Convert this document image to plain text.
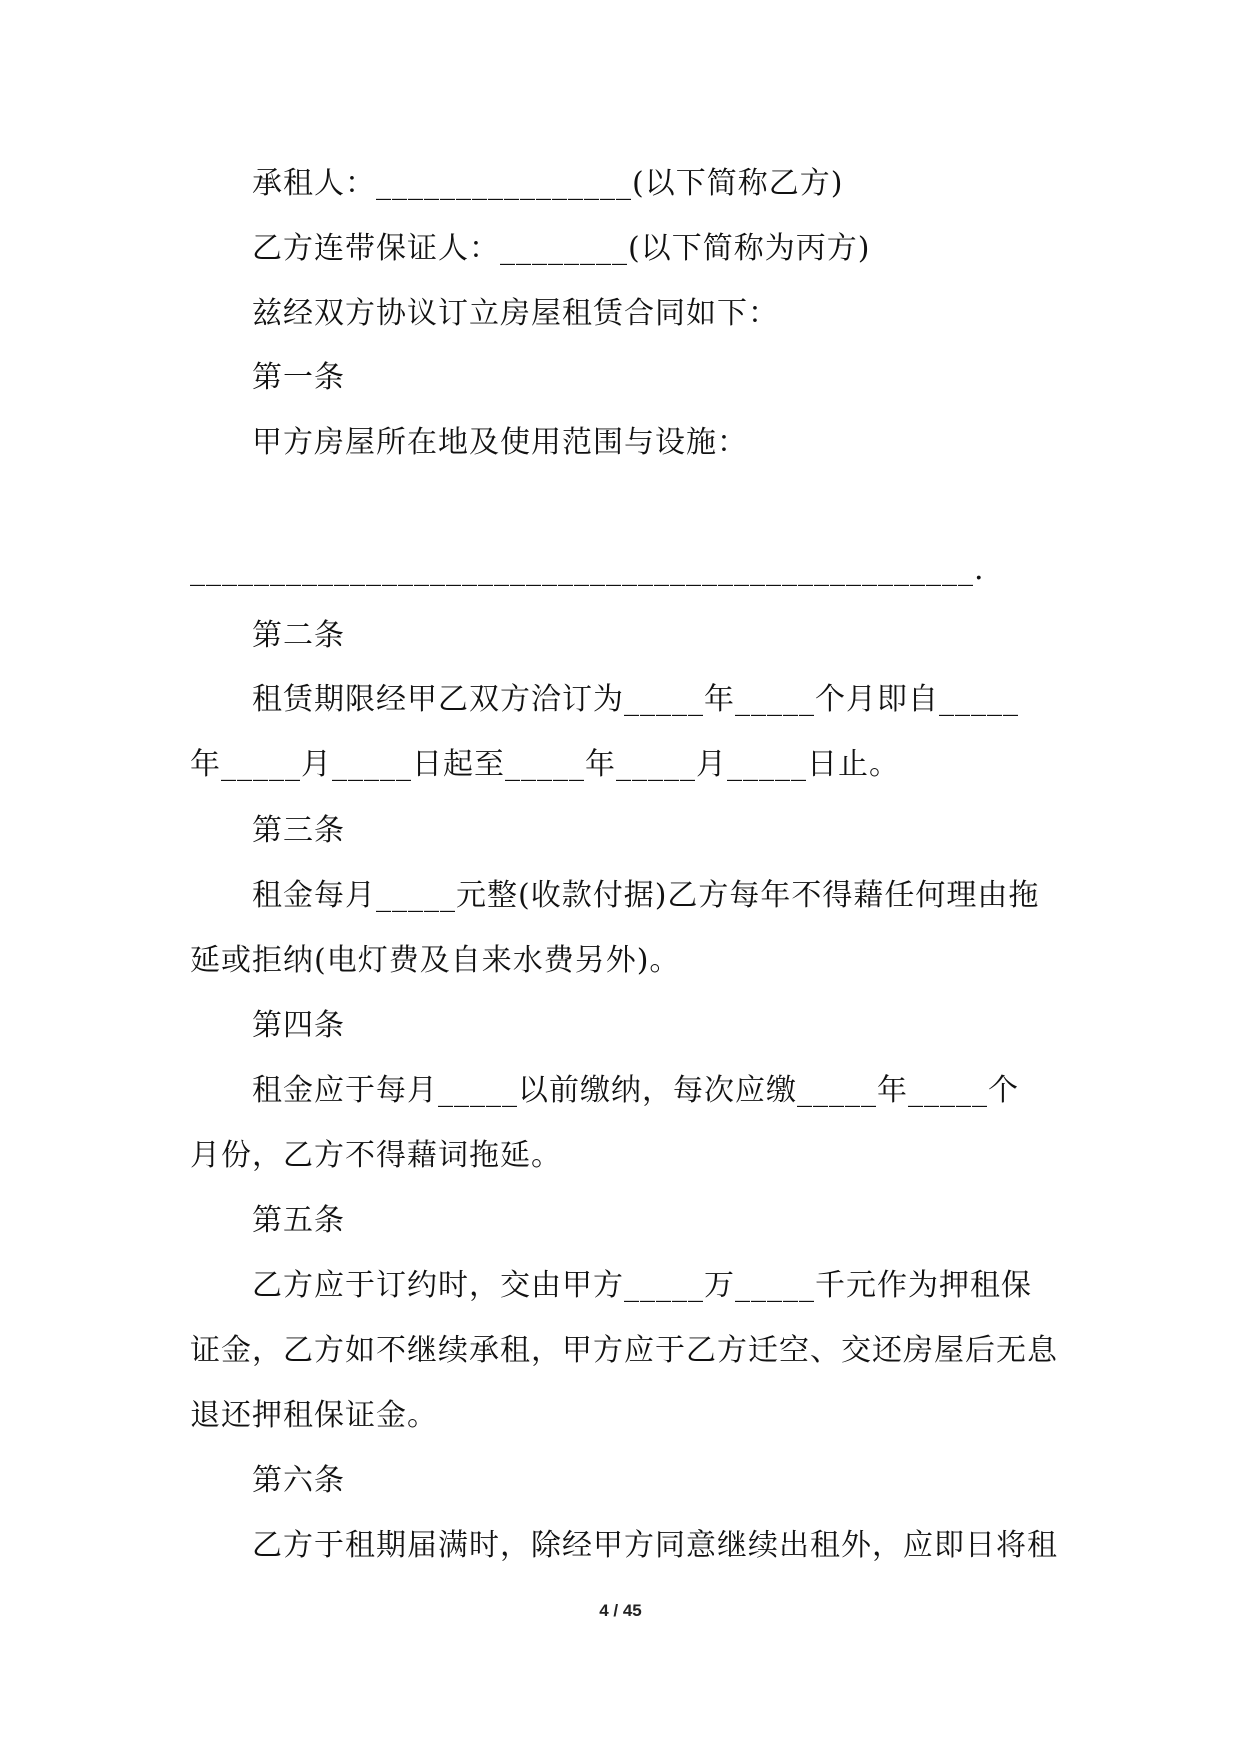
承租人：________________(以下简称乙方)
乙方连带保证人：________(以下简称为丙方)
兹经双方协议订立房屋租赁合同如下：
第一条
甲方房屋所在地及使用范围与设施：
_________________________________________________.
第二条
租赁期限经甲乙双方洽订为_____年_____个月即自_____
年_____月_____日起至_____年_____月_____日止。
第三条
租金每月_____元整(收款付据)乙方每年不得藉任何理由拖
延或拒纳(电灯费及自来水费另外)。
第四条
租金应于每月_____以前缴纳，每次应缴_____年_____个
月份，乙方不得藉词拖延。
第五条
乙方应于订约时，交由甲方_____万_____千元作为押租保
证金，乙方如不继续承租，甲方应于乙方迁空、交还房屋后无息
退还押租保证金。
第六条
乙方于租期届满时，除经甲方同意继续出租外，应即日将租
4 / 45
